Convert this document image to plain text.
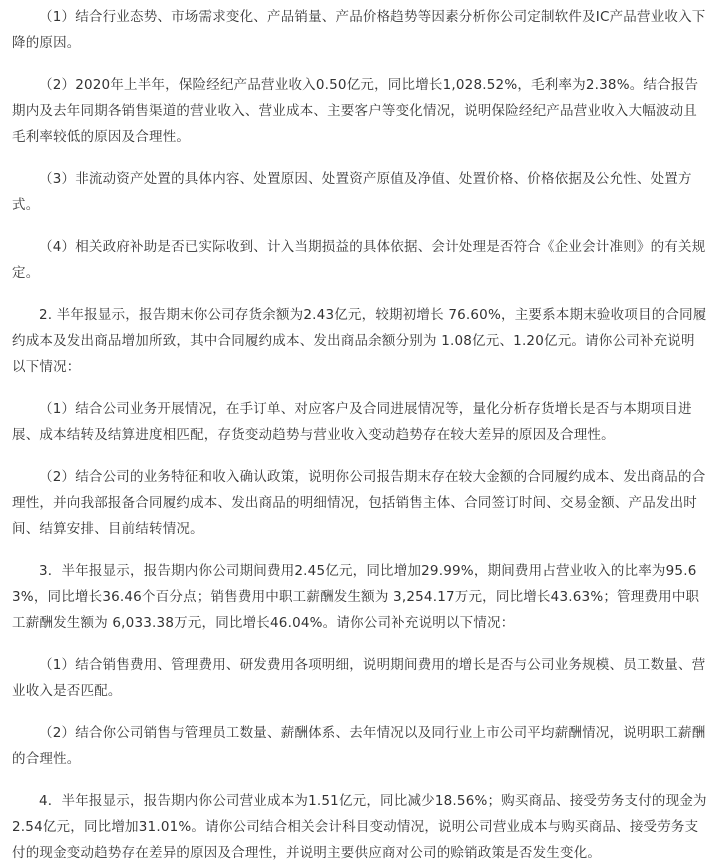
（1）结合行业态势、市场需求变化、产品销量、产品价格趋势等因素分析你公司定制软件及IC产品营业收入下降的原因。

（2）2020年上半年，保险经纪产品营业收入0.50亿元，同比增长1,028.52%，毛利率为2.38%。结合报告期内及去年同期各销售渠道的营业收入、营业成本、主要客户等变化情况，说明保险经纪产品营业收入大幅波动且毛利率较低的原因及合理性。

（3）非流动资产处置的具体内容、处置原因、处置资产原值及净值、处置价格、价格依据及公允性、处置方式。

（4）相关政府补助是否已实际收到、计入当期损益的具体依据、会计处理是否符合《企业会计准则》的有关规定。

2. 半年报显示，报告期末你公司存货余额为2.43亿元，较期初增长 76.60%，主要系本期末验收项目的合同履约成本及发出商品增加所致，其中合同履约成本、发出商品余额分别为 1.08亿元、1.20亿元。请你公司补充说明以下情况：

（1）结合公司业务开展情况，在手订单、对应客户及合同进展情况等，量化分析存货增长是否与本期项目进展、成本结转及结算进度相匹配，存货变动趋势与营业收入变动趋势存在较大差异的原因及合理性。

（2）结合公司的业务特征和收入确认政策，说明你公司报告期末存在较大金额的合同履约成本、发出商品的合理性，并向我部报备合同履约成本、发出商品的明细情况，包括销售主体、合同签订时间、交易金额、产品发出时间、结算安排、目前结转情况。

3．半年报显示，报告期内你公司期间费用2.45亿元，同比增加29.99%，期间费用占营业收入的比率为95.63%，同比增长36.46个百分点；销售费用中职工薪酬发生额为 3,254.17万元，同比增长43.63%；管理费用中职工薪酬发生额为 6,033.38万元，同比增长46.04%。请你公司补充说明以下情况：

（1）结合销售费用、管理费用、研发费用各项明细，说明期间费用的增长是否与公司业务规模、员工数量、营业收入是否匹配。

（2）结合你公司销售与管理员工数量、薪酬体系、去年情况以及同行业上市公司平均薪酬情况，说明职工薪酬的合理性。

4．半年报显示，报告期内你公司营业成本为1.51亿元，同比减少18.56%；购买商品、接受劳务支付的现金为2.54亿元，同比增加31.01%。请你公司结合相关会计科目变动情况，说明公司营业成本与购买商品、接受劳务支付的现金变动趋势存在差异的原因及合理性，并说明主要供应商对公司的赊销政策是否发生变化。
